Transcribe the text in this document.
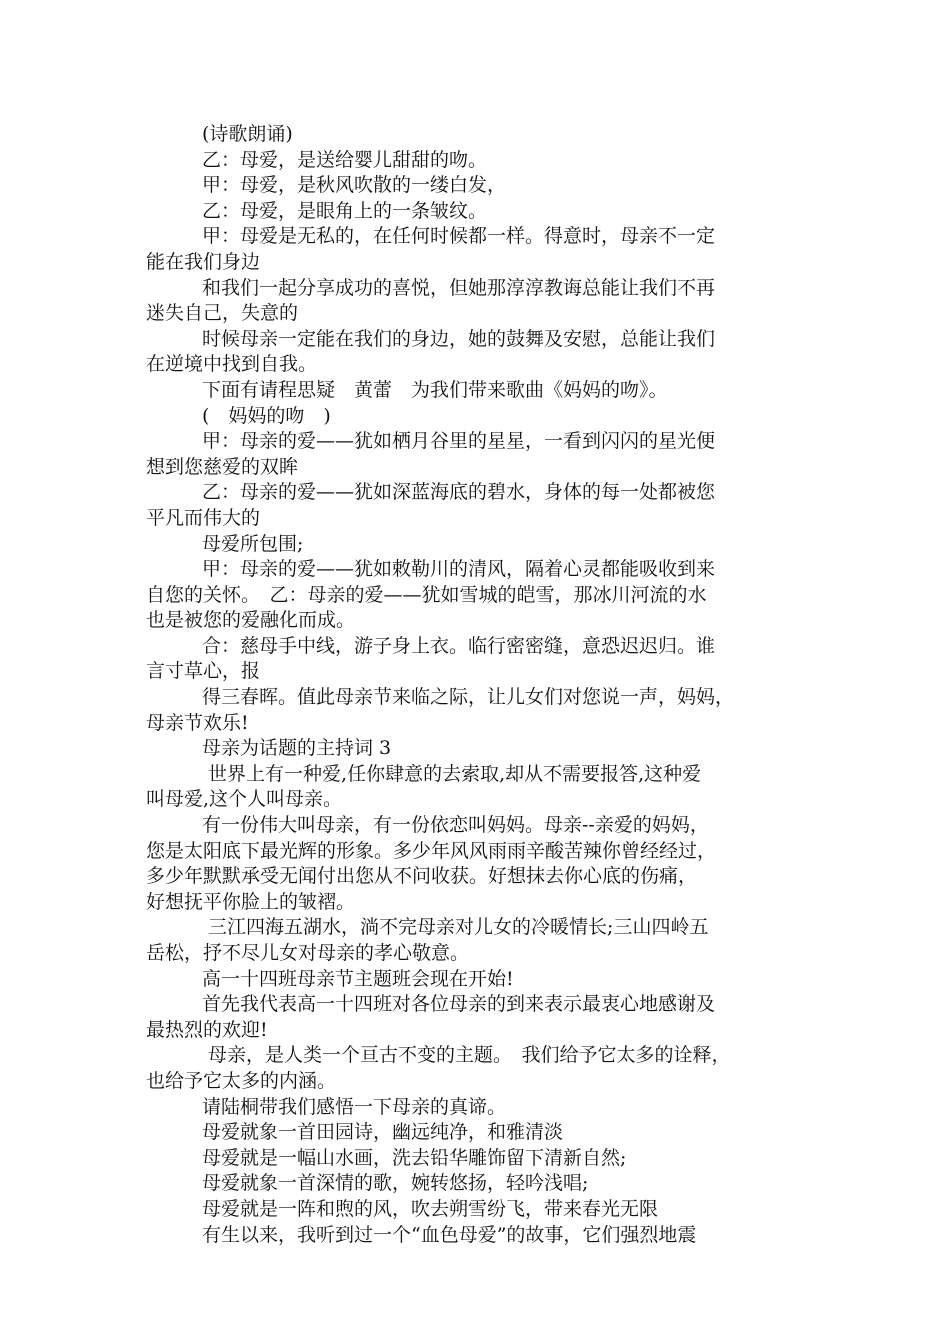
(诗歌朗诵)
乙：母爱，是送给婴儿甜甜的吻。
甲：母爱，是秋风吹散的一缕白发，
乙：母爱，是眼角上的一条皱纹。
甲：母爱是无私的，在任何时候都一样。得意时，母亲不一定
能在我们身边
和我们一起分享成功的喜悦，但她那淳淳教诲总能让我们不再
迷失自己，失意的
时候母亲一定能在我们的身边，她的鼓舞及安慰，总能让我们
在逆境中找到自我。
下面有请程思疑　黄蕾　为我们带来歌曲《妈妈的吻》。
(　妈妈的吻　)
甲：母亲的爱——犹如栖月谷里的星星，一看到闪闪的星光便
想到您慈爱的双眸
乙：母亲的爱——犹如深蓝海底的碧水，身体的每一处都被您
平凡而伟大的
母爱所包围;
甲：母亲的爱——犹如敕勒川的清风，隔着心灵都能吸收到来
自您的关怀。　乙：母亲的爱——犹如雪城的皑雪，那冰川河流的水
也是被您的爱融化而成。
合：慈母手中线，游子身上衣。临行密密缝，意恐迟迟归。谁
言寸草心，报
得三春晖。值此母亲节来临之际，让儿女们对您说一声，妈妈，
母亲节欢乐!
母亲为话题的主持词 3
世界上有一种爱,任你肆意的去索取,却从不需要报答,这种爱
叫母爱,这个人叫母亲。
有一份伟大叫母亲，有一份依恋叫妈妈。母亲--亲爱的妈妈，
您是太阳底下最光辉的形象。多少年风风雨雨辛酸苦辣你曾经经过，
多少年默默承受无闻付出您从不问收获。好想抹去你心底的伤痛，
好想抚平你脸上的皱褶。
三江四海五湖水，淌不完母亲对儿女的冷暖情长;三山四岭五
岳松，抒不尽儿女对母亲的孝心敬意。
高一十四班母亲节主题班会现在开始!
首先我代表高一十四班对各位母亲的到来表示最衷心地感谢及
最热烈的欢迎!
母亲，是人类一个亘古不变的主题。　我们给予它太多的诠释，
也给予它太多的内涵。
请陆桐带我们感悟一下母亲的真谛。
母爱就象一首田园诗，幽远纯净，和雅清淡
母爱就是一幅山水画，洗去铅华雕饰留下清新自然;
母爱就象一首深情的歌，婉转悠扬，轻吟浅唱;
母爱就是一阵和煦的风，吹去朔雪纷飞，带来春光无限
有生以来，我听到过一个“血色母爱”的故事，它们强烈地震
